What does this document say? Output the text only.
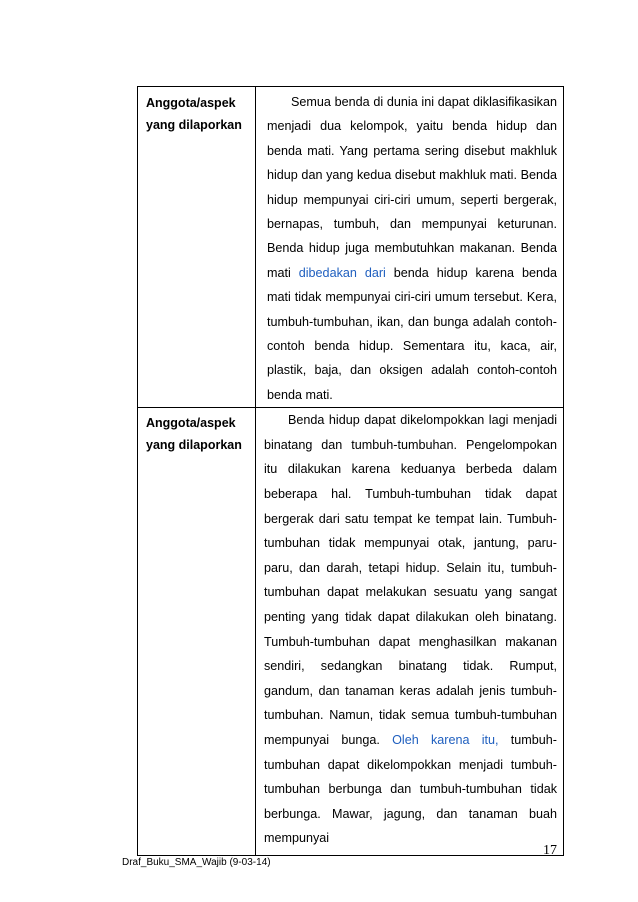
Anggota/aspek
yang dilaporkan	Semua benda di dunia ini dapat diklasifikasikan menjadi dua kelompok, yaitu benda hidup dan benda mati. Yang pertama sering disebut makhluk hidup dan yang kedua disebut makhluk mati. Benda hidup mempunyai ciri-ciri umum, seperti bergerak, bernapas, tumbuh, dan mempunyai keturunan. Benda hidup juga membutuhkan makanan. Benda mati dibedakan dari benda hidup karena benda mati tidak mempunyai ciri-ciri umum tersebut. Kera, tumbuh-tumbuhan, ikan, dan bunga adalah contoh-contoh benda hidup. Sementara itu, kaca, air, plastik, baja, dan oksigen adalah contoh-contoh benda mati.

Anggota/aspek
yang dilaporkan	Benda hidup dapat dikelompokkan lagi menjadi binatang dan tumbuh-tumbuhan. Pengelompokan itu dilakukan karena keduanya berbeda dalam beberapa hal. Tumbuh-tumbuhan tidak dapat bergerak dari satu tempat ke tempat lain. Tumbuh-tumbuhan tidak mempunyai otak, jantung, paru-paru, dan darah, tetapi hidup. Selain itu, tumbuh-tumbuhan dapat melakukan sesuatu yang sangat penting yang tidak dapat dilakukan oleh binatang. Tumbuh-tumbuhan dapat menghasilkan makanan sendiri, sedangkan binatang tidak. Rumput, gandum, dan tanaman keras adalah jenis tumbuh-tumbuhan. Namun, tidak semua tumbuh-tumbuhan mempunyai bunga. Oleh karena itu, tumbuh-tumbuhan dapat dikelompokkan menjadi tumbuh-tumbuhan berbunga dan tumbuh-tumbuhan tidak berbunga. Mawar, jagung, dan tanaman buah mempunyai
Draf_Buku_SMA_Wajib (9-03-14)
17
